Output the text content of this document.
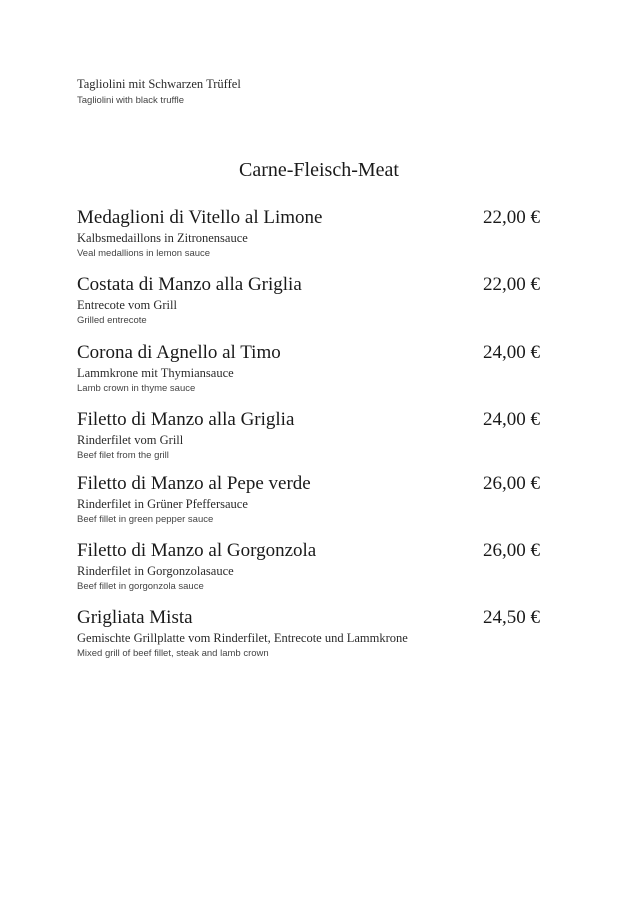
Tagliolini mit Schwarzen Trüffel
Tagliolini with black truffle
Carne-Fleisch-Meat
Medaglioni di Vitello al Limone	22,00 €
Kalbsmedaillons in Zitronensauce
Veal medallions in lemon sauce
Costata di Manzo alla Griglia	22,00 €
Entrecote vom Grill
Grilled entrecote
Corona di Agnello al Timo	24,00 €
Lammkrone mit Thymiansauce
Lamb crown in thyme sauce
Filetto di Manzo alla Griglia	24,00 €
Rinderfilet vom Grill
Beef filet from the grill
Filetto di Manzo al Pepe verde	26,00 €
Rinderfilet in Grüner Pfeffersauce
Beef fillet in green pepper sauce
Filetto di Manzo al Gorgonzola	26,00 €
Rinderfilet in Gorgonzolasauce
Beef fillet in gorgonzola sauce
Grigliata Mista	24,50 €
Gemischte Grillplatte vom Rinderfilet, Entrecote und Lammkrone
Mixed grill of beef fillet, steak and lamb crown
